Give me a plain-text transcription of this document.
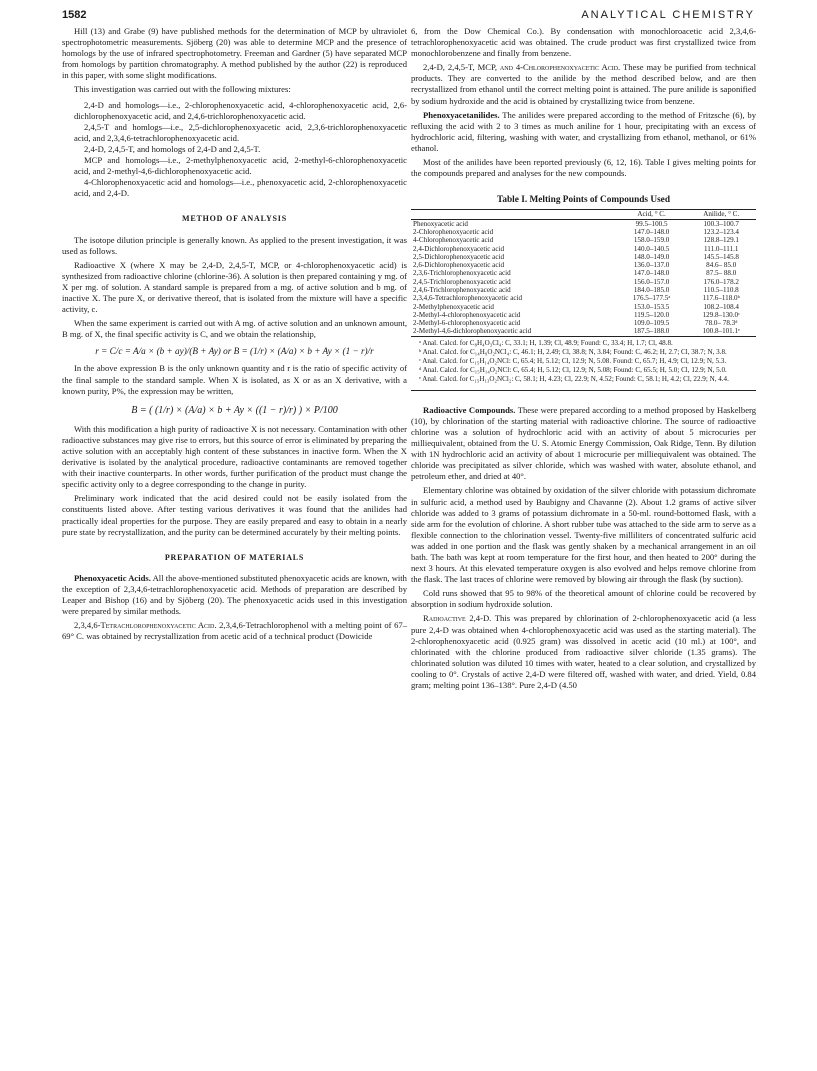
1582	ANALYTICAL CHEMISTRY

Hill (13) and Grabe (9) have published methods for the determination of MCP by ultraviolet spectrophotometric measurements. Sjöberg (20) was able to determine MCP and the presence of homologs by the use of infrared spectrophotometry. Freeman and Gardner (5) have separated MCP from homologs by partition chromatography. A method published by the author (22) is reproduced in this paper, with some slight modifications.

This investigation was carried out with the following mixtures:

2,4-D and homologs—i.e., 2-chlorophenoxyacetic acid, 4-chlorophenoxyacetic acid, 2,6-dichlorophenoxyacetic acid, and 2,4,6-trichlorophenoxyacetic acid.

2,4,5-T and homlogs—i.e., 2,5-dichlorophenoxyacetic acid, 2,3,6-trichlorophenoxyacetic acid, and 2,3,4,6-tetrachlorophenoxyacetic acid.

2,4-D, 2,4,5-T, and homologs of 2,4-D and 2,4,5-T.

MCP and homologs—i.e., 2-methylphenoxyacetic acid, 2-methyl-6-chlorophenoxyacetic acid, and 2-methyl-4,6-dichlorophenoxyacetic acid.

4-Chlorophenoxyacetic acid and homologs—i.e., phenoxyacetic acid, 2-chlorophenoxyacetic acid, and 2,4-D.

METHOD OF ANALYSIS

The isotope dilution principle is generally known. As applied to the present investigation, it was used as follows.

Radioactive X (where X may be 2,4-D, 2,4,5-T, MCP, or 4-chlorophenoxyacetic acid) is synthesized from radioactive chlorine (chlorine-36). A solution is then prepared containing y mg. of X per mg. of solution. A standard sample is prepared from a mg. of active solution and b mg. of inactive X. The pure X, or derivative thereof, that is isolated from the mixture will have a specific activity, c.

When the same experiment is carried out with A mg. of active solution and an unknown amount, B mg. of X, the final specific activity is C, and we obtain the relationship,

r = C/c = A/a × (b + ay)/(B + Ay) or B = (1/r) × (A/a) × b + Ay × (1 − r)/r

In the above expression B is the only unknown quantity and r is the ratio of specific activity of the final sample to the standard sample. When X is isolated, as X or as an X derivative, with a known purity, P%, the expression may be written,

B = ( (1/r) × (A/a) × b + Ay × ((1 − r)/r) ) × P/100

With this modification a high purity of radioactive X is not necessary. Contamination with other radioactive substances may give rise to errors, but this source of error is eliminated by preparing the active solution with an acceptably high content of these substances in inactive form. When the X derivative is isolated by the analytical procedure, radioactive contaminants are removed together with their inactive counterparts. In other words, further purification of the product must change the specific activity only to a degree corresponding to the change in purity.

Preliminary work indicated that the acid desired could not be easily isolated from the constituents listed above. After testing various derivatives it was found that the anilides had practically ideal properties for the purpose. They are easily prepared and easy to obtain in a nearly pure state by recrystallization, and the purity can be determined accurately by their melting points.

PREPARATION OF MATERIALS

Phenoxyacetic Acids. All the above-mentioned substituted phenoxyacetic acids are known, with the exception of 2,3,4,6-tetrachlorophenoxyacetic acid. Methods of preparation are described by Leaper and Bishop (16) and by Sjöberg (20). The phenoxyacetic acids used in this investigation were prepared by similar methods.

2,3,4,6-Tetrachlorophenoxyacetic Acid. 2,3,4,6-Tetrachlorophenol with a melting point of 67–69° C. was obtained by recrystallization from acetic acid of a technical product (Dowicide

6, from the Dow Chemical Co.). By condensation with monochloroacetic acid 2,3,4,6-tetrachlorophenoxyacetic acid was obtained. The crude product was first crystallized twice from monochlorobenzene and finally from benzene.

2,4-D, 2,4,5-T, MCP, and 4-Chlorophenoxyacetic Acid. These may be purified from technical products. They are converted to the anilide by the method described below, and are then recrystallized from ethanol until the correct melting point is attained. The pure anilide is saponified by sodium hydroxide and the acid is obtained by crystallizing twice from benzene.

Phenoxyacetanilides. The anilides were prepared according to the method of Fritzsche (6), by refluxing the acid with 2 to 3 times as much aniline for 1 hour, precipitating with an excess of hydrochloric acid, filtering, washing with water, and crystallizing from ethanol, methanol, or 61% ethanol.

Most of the anilides have been reported previously (6, 12, 16). Table I gives melting points for the compounds prepared and analyses for the new compounds.

Table I. Melting Points of Compounds Used
	Acid, ° C.	Anilide, ° C.
Phenoxyacetic acid	99.5–100.5	100.3–100.7
2-Chlorophenoxyacetic acid	147.0–148.0	123.2–123.4
4-Chlorophenoxyacetic acid	158.0–159.0	128.8–129.1
2,4-Dichlorophenoxyacetic acid	140.0–140.5	111.0–111.1
2,5-Dichlorophenoxyacetic acid	148.0–149.0	145.5–145.8
2,6-Dichlorophenoxyacetic acid	136.0–137.0	84.6– 85.0
2,3,6-Trichlorophenoxyacetic acid	147.0–148.0	87.5– 88.0
2,4,5-Trichlorophenoxyacetic acid	156.0–157.0	176.0–178.2
2,4,6-Trichlorophenoxyacetic acid	184.0–185.0	110.5–110.8
2,3,4,6-Tetrachlorophenoxyacetic acid	176.5–177.5ᵃ	117.6–118.0ᵇ
2-Methylphenoxyacetic acid	153.0–153.5	108.2–108.4
2-Methyl-4-chlorophenoxyacetic acid	119.5–120.0	129.8–130.0ᶜ
2-Methyl-6-chlorophenoxyacetic acid	109.0–109.5	78.0– 78.3ᵈ
2-Methyl-4,6-dichlorophenoxyacetic acid	187.5–188.0	100.8–101.1ᵉ

ᵃ Anal. Calcd. for C₈H₄O₃Cl₄: C, 33.1; H, 1.39; Cl, 48.9; Found: C, 33.4; H, 1.7; Cl, 48.8.

ᵇ Anal. Calcd. for C₁₄H₉O₂NCl₄: C, 46.1; H, 2.49; Cl, 38.8; N, 3.84; Found: C, 46.2; H, 2.7; Cl, 38.7; N, 3.8.

ᶜ Anal. Calcd. for C₁₅H₁₄O₂NCl: C, 65.4; H, 5.12; Cl, 12.9; N, 5.08. Found: C, 65.7; H, 4.9; Cl, 12.9; N, 5.3.

ᵈ Anal. Calcd. for C₁₅H₁₄O₂NCl: C, 65.4; H, 5.12; Cl, 12.9; N, 5.08; Found: C, 65.5; H, 5.0; Cl, 12.9; N, 5.0.

ᵉ Anal. Calcd. for C₁₅H₁₃O₂NCl₂: C, 58.1; H, 4.23; Cl, 22.9; N, 4.52; Found: C, 58.1; H, 4.2; Cl, 22.9; N, 4.4.

Radioactive Compounds. These were prepared according to a method proposed by Haskelberg (10), by chlorination of the starting material with radioactive chlorine. The source of radioactive chlorine was a solution of hydrochloric acid with an activity of about 5 microcuries per milliequivalent, obtained from the U. S. Atomic Energy Commission, Oak Ridge, Tenn. By dilution with 1N hydrochloric acid an activity of about 1 microcurie per milliequivalent was obtained. The chloride was precipitated as silver chloride, which was washed with water, absolute ethanol, and petroleum ether, and dried at 40°.

Elementary chlorine was obtained by oxidation of the silver chloride with potassium dichromate in sulfuric acid, a method used by Baubigny and Chavanne (2). About 1.2 grams of active silver chloride was added to 3 grams of potassium dichromate in a 50-ml. round-bottomed flask, with a side arm for the evolution of chlorine. A short rubber tube was attached to the side arm to serve as a flexible connection to the chlorination vessel. Twenty-five milliliters of concentrated sulfuric acid was added in one portion and the flask was gently shaken by a mechanical arrangement in an oil bath. The bath was kept at room temperature for the first hour, and then heated to 200° during the next 3 hours. At this elevated temperature oxygen is also evolved and helps remove chlorine from the flask. The last traces of chlorine were removed by blowing air through the flask (by suction).

Cold runs showed that 95 to 98% of the theoretical amount of chlorine could be recovered by absorption in sodium hydroxide solution.

Radioactive 2,4-D. This was prepared by chlorination of 2-chlorophenoxyacetic acid (a less pure 2,4-D was obtained when 4-chlorophenoxyacetic acid was used as the starting material). The 2-chlorophenoxyacetic acid (0.925 gram) was dissolved in acetic acid (10 ml.) at 100°, and chlorinated with the chlorine produced from radioactive silver chloride (1.35 grams). The chlorinated solution was diluted 10 times with water, heated to a clear solution, and crystallized by cooling to 0°. Crystals of active 2,4-D were filtered off, washed with water, and dried. Yield, 0.84 gram; melting point 136–138°. Pure 2,4-D (4.50
